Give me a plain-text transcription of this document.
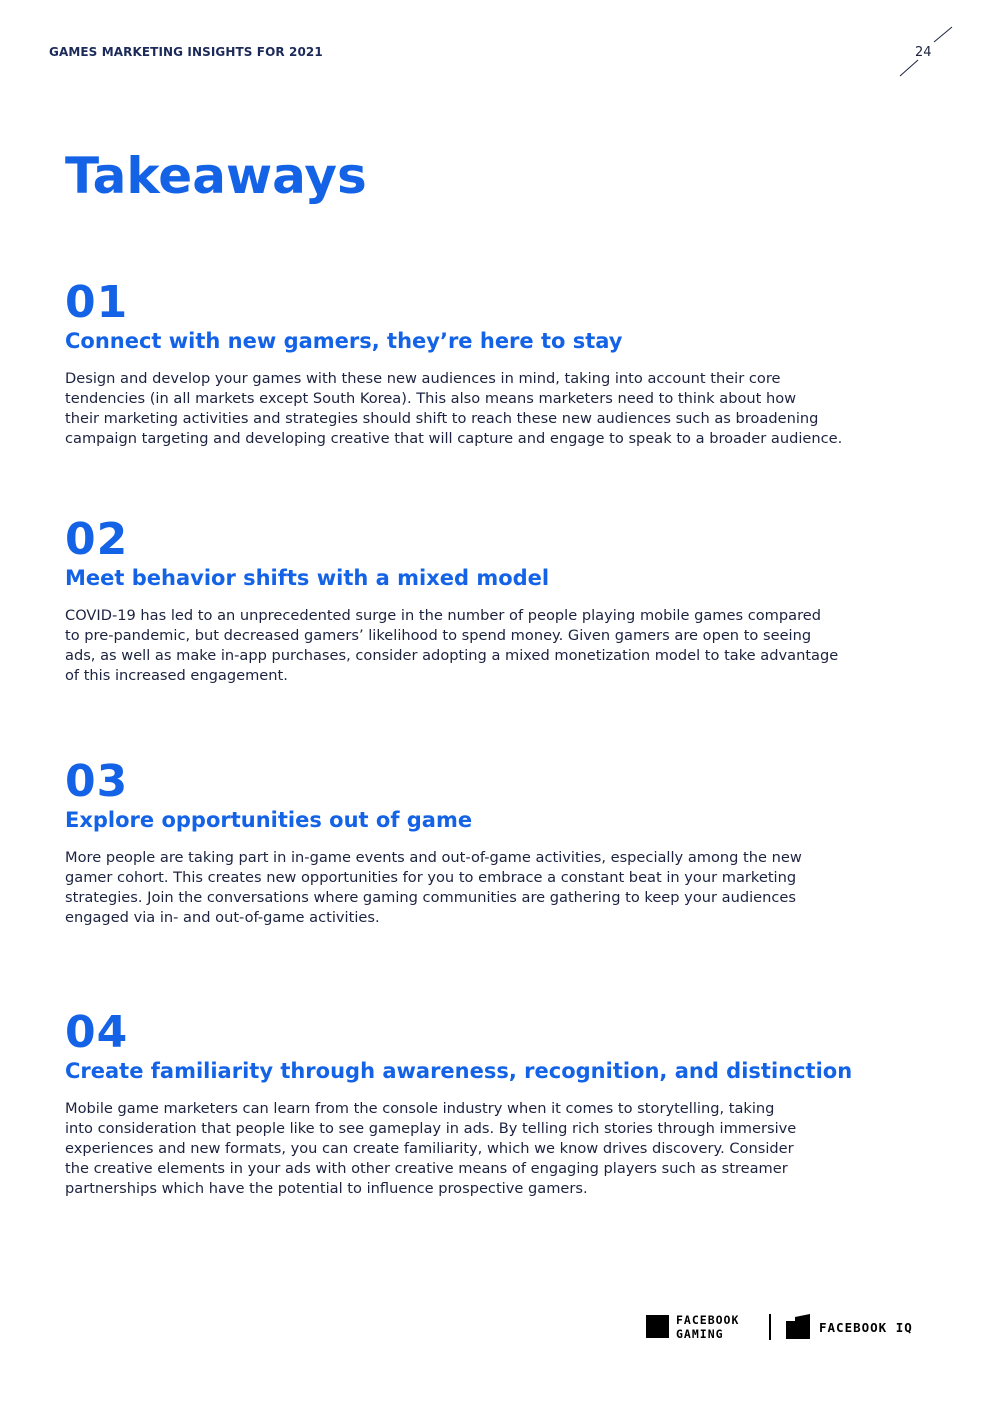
GAMES MARKETING INSIGHTS FOR 2021	24
Takeaways
01
Connect with new gamers, they’re here to stay
Design and develop your games with these new audiences in mind, taking into account their core
tendencies (in all markets except South Korea). This also means marketers need to think about how
their marketing activities and strategies should shift to reach these new audiences such as broadening
campaign targeting and developing creative that will capture and engage to speak to a broader audience.
02
Meet behavior shifts with a mixed model
COVID-19 has led to an unprecedented surge in the number of people playing mobile games compared
to pre-pandemic, but decreased gamers’ likelihood to spend money. Given gamers are open to seeing
ads, as well as make in-app purchases, consider adopting a mixed monetization model to take advantage
of this increased engagement.
03
Explore opportunities out of game
More people are taking part in in-game events and out-of-game activities, especially among the new
gamer cohort. This creates new opportunities for you to embrace a constant beat in your marketing
strategies. Join the conversations where gaming communities are gathering to keep your audiences
engaged via in- and out-of-game activities.
04
Create familiarity through awareness, recognition, and distinction
Mobile game marketers can learn from the console industry when it comes to storytelling, taking
into consideration that people like to see gameplay in ads. By telling rich stories through immersive
experiences and new formats, you can create familiarity, which we know drives discovery. Consider
the creative elements in your ads with other creative means of engaging players such as streamer
partnerships which have the potential to influence prospective gamers.
FACEBOOK
GAMING	FACEBOOK IQ
